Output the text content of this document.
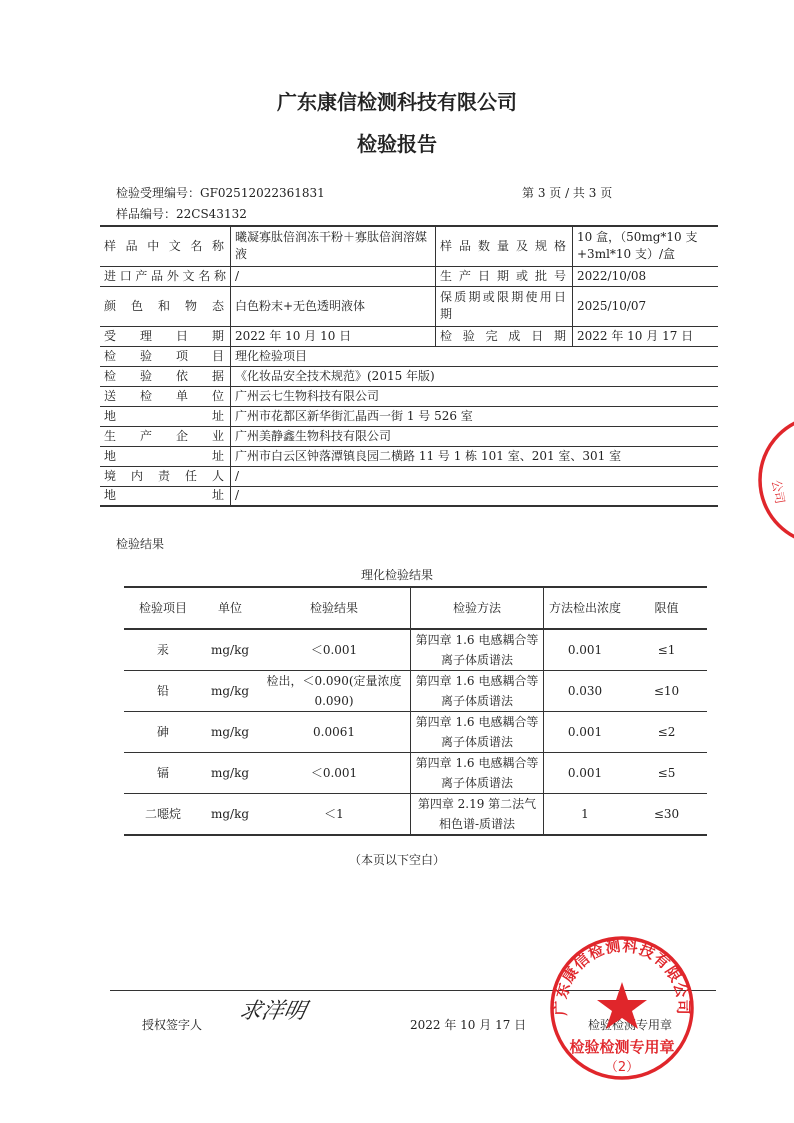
广东康信检测科技有限公司
检验报告
检验受理编号：GF02512022361831	第 3 页 / 共 3 页
样品编号：22CS43132
样品中文名称	曦凝寡肽倍润冻干粉＋寡肽倍润溶媒液	样品数量及规格	10 盒，（50mg*10 支+3ml*10 支）/盒
进口产品外文名称	/	生产日期或批号	2022/10/08
颜色和物态	白色粉末+无色透明液体	保质期或限期使用日期	2025/10/07
受理日期	2022 年 10 月 10 日	检验完成日期	2022 年 10 月 17 日
检验项目	理化检验项目		
检验依据	《化妆品安全技术规范》(2015 年版)		
送检单位	广州云七生物科技有限公司		
地址	广州市花都区新华街汇晶西一街 1 号 526 室		
生产企业	广州美静鑫生物科技有限公司		
地址	广州市白云区钟落潭镇良园二横路 11 号 1 栋 101 室、201 室、301 室		
境内责任人	/		
地址	/		
检验结果
理化检验结果
检验项目	单位	检验结果	检验方法	方法检出浓度	限值
汞	mg/kg	＜0.001	第四章 1.6 电感耦合等离子体质谱法	0.001	≤1
铅	mg/kg	检出，＜0.090(定量浓度 0.090)	第四章 1.6 电感耦合等离子体质谱法	0.030	≤10
砷	mg/kg	0.0061	第四章 1.6 电感耦合等离子体质谱法	0.001	≤2
镉	mg/kg	＜0.001	第四章 1.6 电感耦合等离子体质谱法	0.001	≤5
二噁烷	mg/kg	＜1	第四章 2.19 第二法气相色谱-质谱法	1	≤30
（本页以下空白）
授权签字人
求洋明
2022 年 10 月 17 日	检验检测专用章
广东康信检测科技有限公司
检验检测专用章
（2）
公司
